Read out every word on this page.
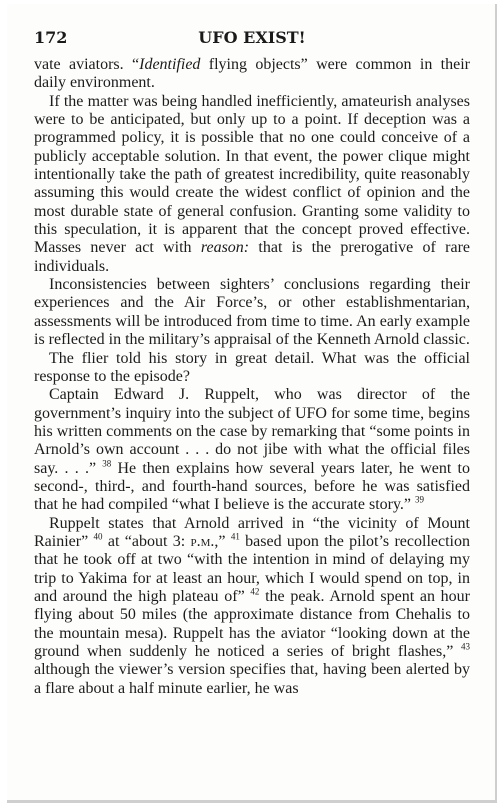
172	UFO EXIST!

vate aviators. “Identified flying objects” were common in their daily environment.

If the matter was being handled inefficiently, amateurish analyses were to be anticipated, but only up to a point. If deception was a programmed policy, it is possible that no one could conceive of a publicly acceptable solution. In that event, the power clique might intentionally take the path of greatest incredibility, quite reasonably assuming this would create the widest conflict of opinion and the most durable state of general confusion. Granting some validity to this speculation, it is apparent that the concept proved effective. Masses never act with reason: that is the prerogative of rare individuals.

Inconsistencies between sighters’ conclusions regarding their experiences and the Air Force’s, or other establishmentarian, assessments will be introduced from time to time. An early example is reflected in the military’s appraisal of the Kenneth Arnold classic.

The flier told his story in great detail. What was the official response to the episode?

Captain Edward J. Ruppelt, who was director of the government’s inquiry into the subject of UFO for some time, begins his written comments on the case by remarking that “some points in Arnold’s own account . . . do not jibe with what the official files say. . . .” $^{38}$ He then explains how several years later, he went to second-, third-, and fourth-hand sources, before he was satisfied that he had compiled “what I believe is the accurate story.” $^{39}$

Ruppelt states that Arnold arrived in “the vicinity of Mount Rainier” $^{40}$ at “about 3: p.m.,” $^{41}$ based upon the pilot’s recollection that he took off at two “with the intention in mind of delaying my trip to Yakima for at least an hour, which I would spend on top, in and around the high plateau of” $^{42}$ the peak. Arnold spent an hour flying about 50 miles (the approximate distance from Chehalis to the mountain mesa). Ruppelt has the aviator “looking down at the ground when suddenly he noticed a series of bright flashes,” $^{43}$ although the viewer’s version specifies that, having been alerted by a flare about a half minute earlier, he was
